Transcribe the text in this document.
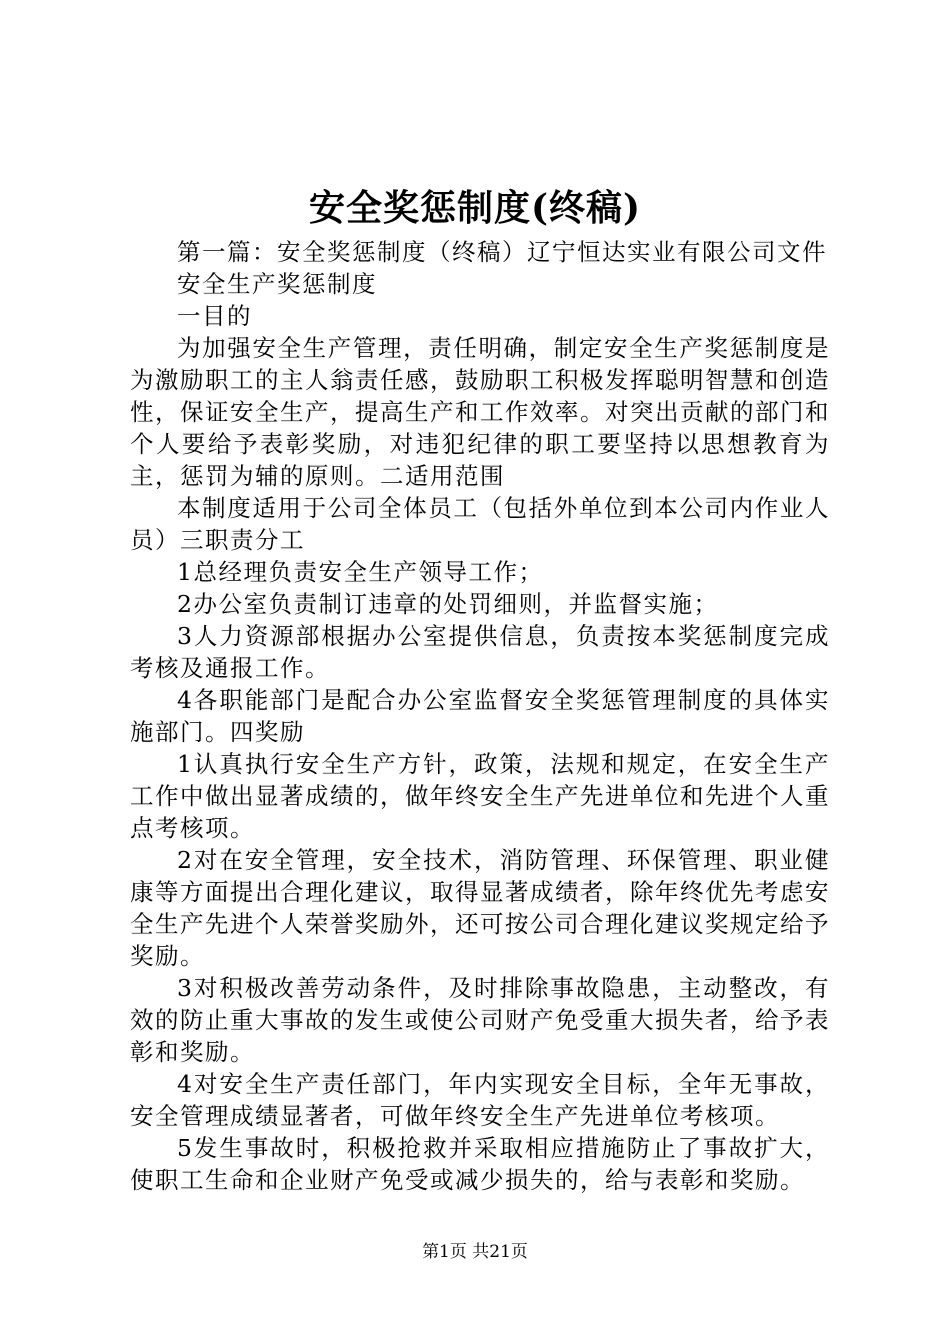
安全奖惩制度(终稿)

第一篇：安全奖惩制度（终稿）辽宁恒达实业有限公司文件

安全生产奖惩制度

一目的

为加强安全生产管理，责任明确，制定安全生产奖惩制度是为激励职工的主人翁责任感，鼓励职工积极发挥聪明智慧和创造性，保证安全生产，提高生产和工作效率。对突出贡献的部门和个人要给予表彰奖励，对违犯纪律的职工要坚持以思想教育为主，惩罚为辅的原则。二适用范围

本制度适用于公司全体员工（包括外单位到本公司内作业人员）三职责分工

1总经理负责安全生产领导工作；

2办公室负责制订违章的处罚细则，并监督实施；

3人力资源部根据办公室提供信息，负责按本奖惩制度完成考核及通报工作。

4各职能部门是配合办公室监督安全奖惩管理制度的具体实施部门。四奖励

1认真执行安全生产方针，政策，法规和规定，在安全生产工作中做出显著成绩的，做年终安全生产先进单位和先进个人重点考核项。

2对在安全管理，安全技术，消防管理、环保管理、职业健康等方面提出合理化建议，取得显著成绩者，除年终优先考虑安全生产先进个人荣誉奖励外，还可按公司合理化建议奖规定给予奖励。

3对积极改善劳动条件，及时排除事故隐患，主动整改，有效的防止重大事故的发生或使公司财产免受重大损失者，给予表彰和奖励。

4对安全生产责任部门，年内实现安全目标，全年无事故，安全管理成绩显著者，可做年终安全生产先进单位考核项。

5发生事故时，积极抢救并采取相应措施防止了事故扩大，使职工生命和企业财产免受或减少损失的，给与表彰和奖励。

第1页 共21页
